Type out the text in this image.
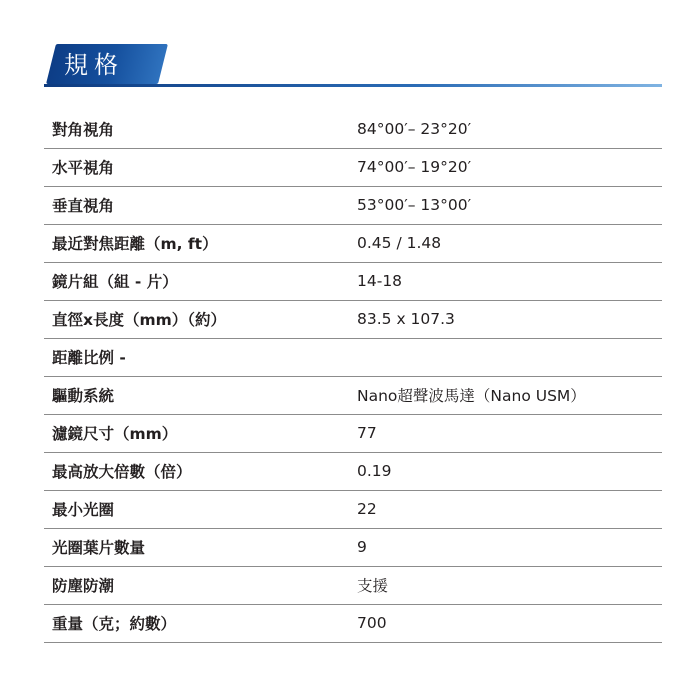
規格
對角視角	84°00′– 23°20′
水平視角	74°00′– 19°20′
垂直視角	53°00′– 13°00′
最近對焦距離（m, ft）	0.45 / 1.48
鏡片組（組 - 片）	14-18
直徑x長度（mm）（約）	83.5 x 107.3
距離比例 -	
驅動系統	Nano超聲波馬達（Nano USM）
濾鏡尺寸（mm）	77
最高放大倍數（倍）	0.19
最小光圈	22
光圈葉片數量	9
防塵防潮	支援
重量（克；約數）	700
